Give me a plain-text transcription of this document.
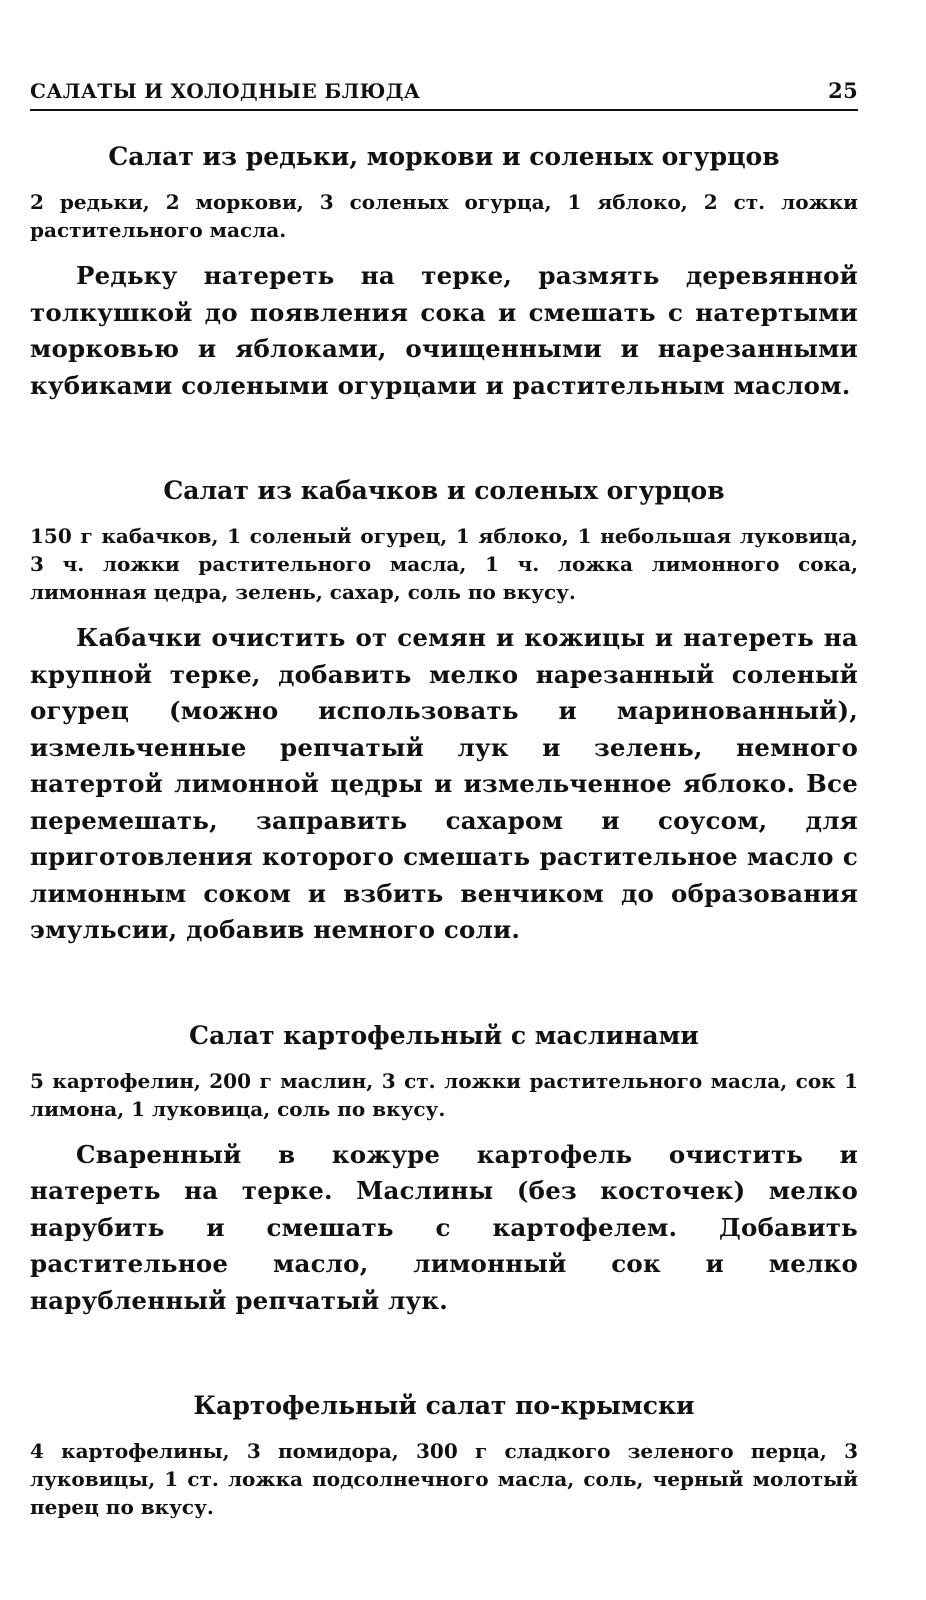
САЛАТЫ И ХОЛОДНЫЕ БЛЮДА	25
Салат из редьки, моркови и соленых огурцов

2 редьки, 2 моркови, 3 соленых огурца, 1 яблоко, 2 ст. ложки растительного масла.

Редьку натереть на терке, размять деревянной толкушкой до появления сока и смешать с натертыми морковью и яблоками, очищенными и нарезанными кубиками солеными огурцами и растительным маслом.

Салат из кабачков и соленых огурцов

150 г кабачков, 1 соленый огурец, 1 яблоко, 1 небольшая луковица, 3 ч. ложки растительного масла, 1 ч. ложка лимонного сока, лимонная цедра, зелень, сахар, соль по вкусу.

Кабачки очистить от семян и кожицы и натереть на крупной терке, добавить мелко нарезанный соленый огурец (можно использовать и маринованный), измельченные репчатый лук и зелень, немного натертой лимонной цедры и измельченное яблоко. Все перемешать, заправить сахаром и соусом, для приготовления которого смешать растительное масло с лимонным соком и взбить венчиком до образования эмульсии, добавив немного соли.

Салат картофельный с маслинами

5 картофелин, 200 г маслин, 3 ст. ложки растительного масла, сок 1 лимона, 1 луковица, соль по вкусу.

Сваренный в кожуре картофель очистить и натереть на терке. Маслины (без косточек) мелко нарубить и смешать с картофелем. Добавить растительное масло, лимонный сок и мелко нарубленный репчатый лук.

Картофельный салат по-крымски

4 картофелины, 3 помидора, 300 г сладкого зеленого перца, 3 луковицы, 1 ст. ложка подсолнечного масла, соль, черный молотый перец по вкусу.
